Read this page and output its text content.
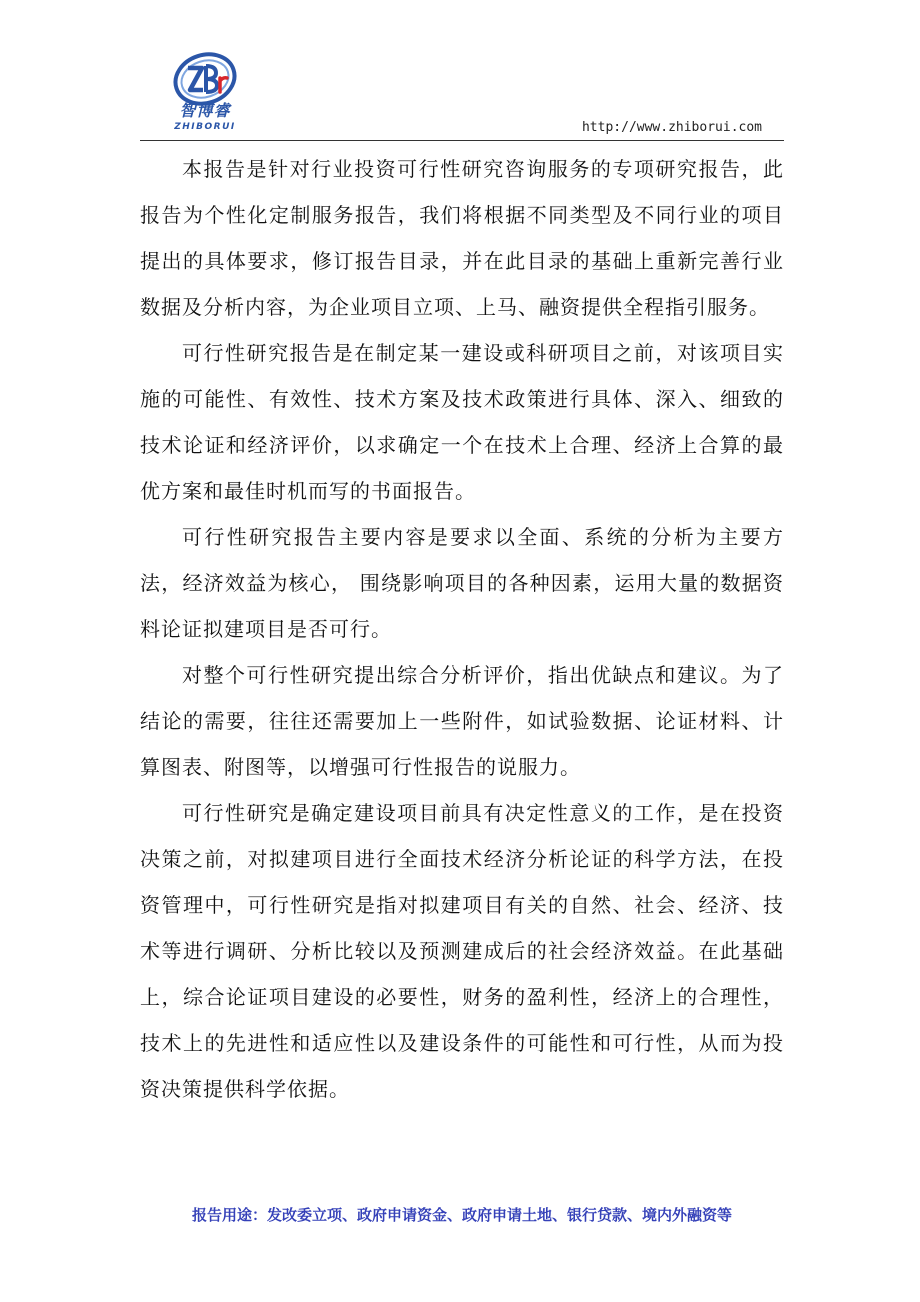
智博睿
ZHIBORUI	http://www.zhiborui.com

本报告是针对行业投资可行性研究咨询服务的专项研究报告，此报告为个性化定制服务报告，我们将根据不同类型及不同行业的项目提出的具体要求，修订报告目录，并在此目录的基础上重新完善行业数据及分析内容，为企业项目立项、上马、融资提供全程指引服务。

可行性研究报告是在制定某一建设或科研项目之前，对该项目实施的可能性、有效性、技术方案及技术政策进行具体、深入、细致的技术论证和经济评价，以求确定一个在技术上合理、经济上合算的最优方案和最佳时机而写的书面报告。

可行性研究报告主要内容是要求以全面、系统的分析为主要方法，经济效益为核心， 围绕影响项目的各种因素，运用大量的数据资料论证拟建项目是否可行。

对整个可行性研究提出综合分析评价，指出优缺点和建议。为了结论的需要，往往还需要加上一些附件，如试验数据、论证材料、计算图表、附图等，以增强可行性报告的说服力。

可行性研究是确定建设项目前具有决定性意义的工作，是在投资决策之前，对拟建项目进行全面技术经济分析论证的科学方法，在投资管理中，可行性研究是指对拟建项目有关的自然、社会、经济、技术等进行调研、分析比较以及预测建成后的社会经济效益。在此基础上，综合论证项目建设的必要性，财务的盈利性，经济上的合理性，技术上的先进性和适应性以及建设条件的可能性和可行性，从而为投资决策提供科学依据。

报告用途：发改委立项、政府申请资金、政府申请土地、银行贷款、境内外融资等
